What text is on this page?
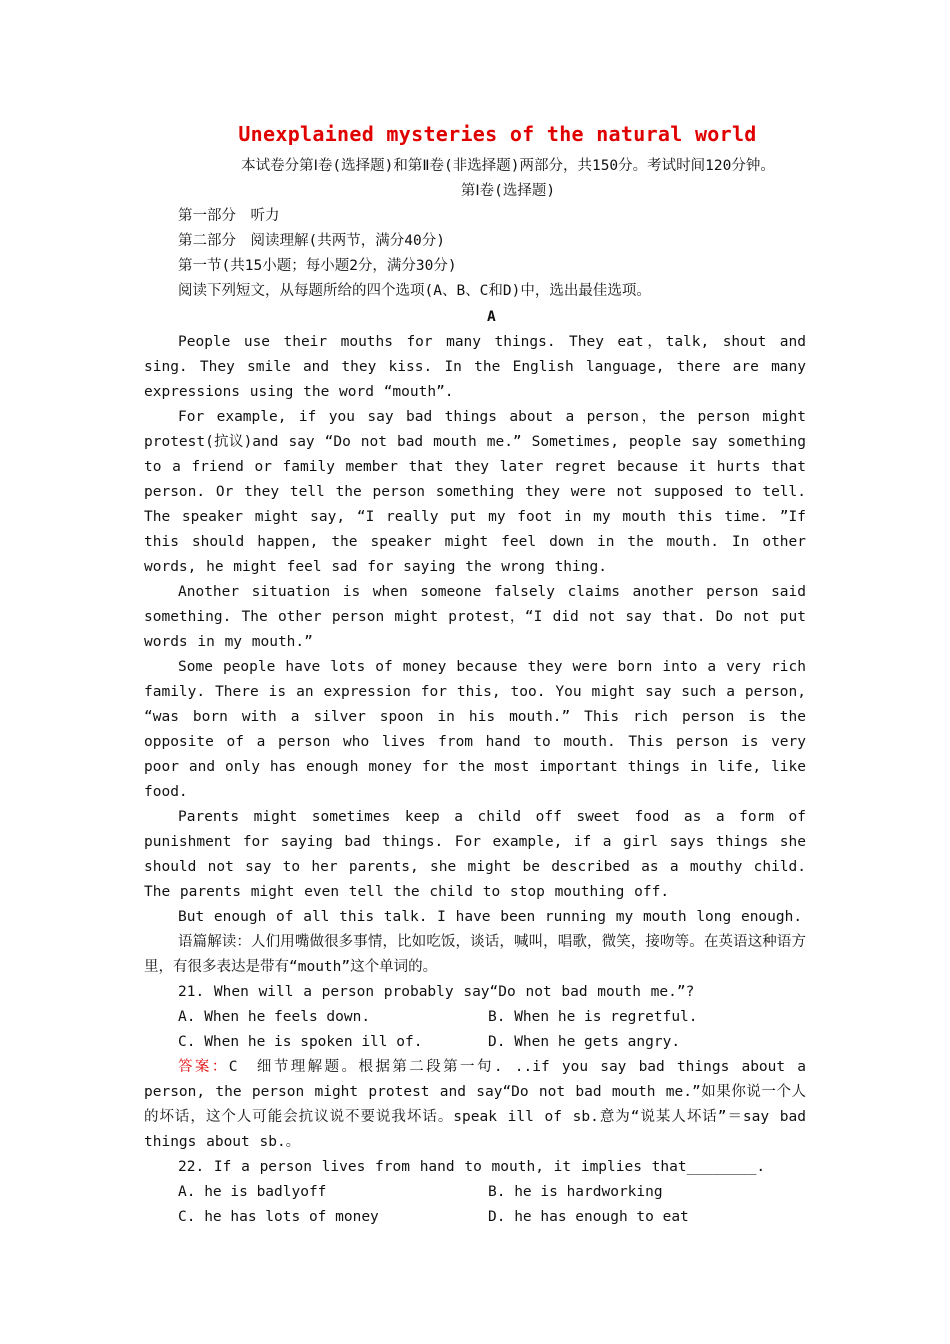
Unexplained mysteries of the natural world
本试卷分第Ⅰ卷(选择题)和第Ⅱ卷(非选择题)两部分，共150分。考试时间120分钟。
第Ⅰ卷(选择题)
第一部分　听力
第二部分　阅读理解(共两节，满分40分)
第一节(共15小题；每小题2分，满分30分)
阅读下列短文，从每题所给的四个选项(A、B、C和D)中，选出最佳选项。
A

People use their mouths for many things. They eat，talk, shout and sing. They smile and they kiss. In the English language, there are many expressions using the word “mouth”.

For example, if you say bad things about a person，the person might protest(抗议)and say “Do not bad mouth me.” Sometimes, people say something to a friend or family member that they later regret because it hurts that person. Or they tell the person something they were not supposed to tell. The speaker might say, “I really put my foot in my mouth this time. ”If this should happen, the speaker might feel down in the mouth. In other words, he might feel sad for saying the wrong thing.

Another situation is when someone falsely claims another person said something. The other person might protest，“I did not say that. Do not put words in my mouth.”

Some people have lots of money because they were born into a very rich family. There is an expression for this, too. You might say such a person, “was born with a silver spoon in his mouth.” This rich person is the opposite of a person who lives from hand to mouth. This person is very poor and only has enough money for the most important things in life, like food.

Parents might sometimes keep a child off sweet food as a form of punishment for saying bad things. For example, if a girl says things she should not say to her parents, she might be described as a mouthy child. The parents might even tell the child to stop mouthing off.

But enough of all this talk. I have been running my mouth long enough.

语篇解读：人们用嘴做很多事情，比如吃饭，谈话，喊叫，唱歌，微笑，接吻等。在英语这种语方里，有很多表达是带有“mouth”这个单词的。

21. When will a person probably say“Do not bad mouth me.”?

A. When he feels down.	B. When he is regretful.
C. When he is spoken ill of.	D. When he gets angry.

答案：C　细节理解题。根据第二段第一句. ..if you say bad things about a person, the person might protest and say“Do not bad mouth me.”如果你说一个人的坏话，这个人可能会抗议说不要说我坏话。speak ill of sb.意为“说某人坏话”＝say bad things about sb.。

22. If a person lives from hand to mouth, it implies that________.

A. he is badlyoff	B. he is hardworking
C. he has lots of money	D. he has enough to eat
